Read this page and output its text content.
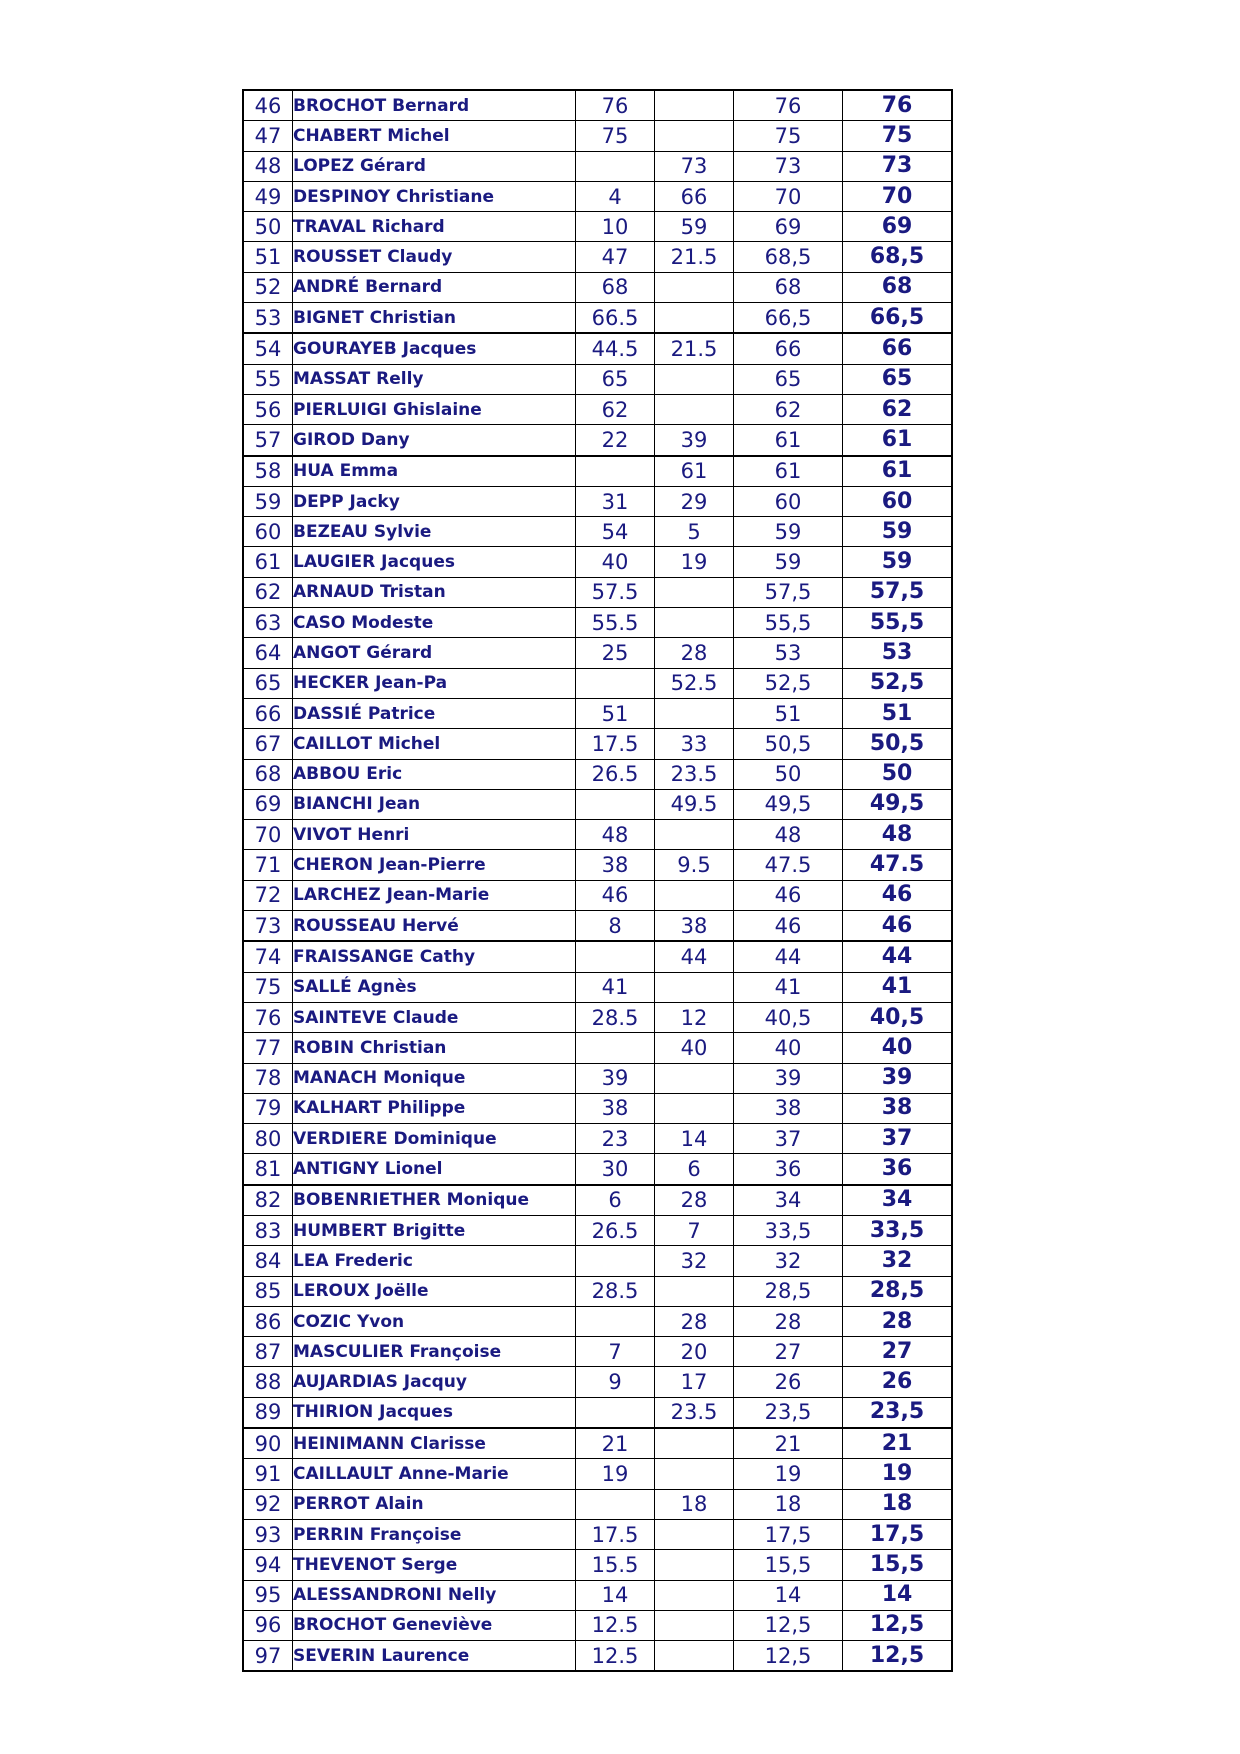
46	BROCHOT Bernard	76		76	76
47	CHABERT Michel	75		75	75
48	LOPEZ Gérard		73	73	73
49	DESPINOY Christiane	4	66	70	70
50	TRAVAL Richard	10	59	69	69
51	ROUSSET Claudy	47	21.5	68,5	68,5
52	ANDRÉ Bernard	68		68	68
53	BIGNET Christian	66.5		66,5	66,5
54	GOURAYEB Jacques	44.5	21.5	66	66
55	MASSAT Relly	65		65	65
56	PIERLUIGI Ghislaine	62		62	62
57	GIROD Dany	22	39	61	61
58	HUA Emma		61	61	61
59	DEPP Jacky	31	29	60	60
60	BEZEAU Sylvie	54	5	59	59
61	LAUGIER Jacques	40	19	59	59
62	ARNAUD Tristan	57.5		57,5	57,5
63	CASO Modeste	55.5		55,5	55,5
64	ANGOT Gérard	25	28	53	53
65	HECKER Jean-Pa		52.5	52,5	52,5
66	DASSIÉ Patrice	51		51	51
67	CAILLOT Michel	17.5	33	50,5	50,5
68	ABBOU Eric	26.5	23.5	50	50
69	BIANCHI Jean		49.5	49,5	49,5
70	VIVOT Henri	48		48	48
71	CHERON Jean-Pierre	38	9.5	47.5	47.5
72	LARCHEZ Jean-Marie	46		46	46
73	ROUSSEAU Hervé	8	38	46	46
74	FRAISSANGE Cathy		44	44	44
75	SALLÉ Agnès	41		41	41
76	SAINTEVE Claude	28.5	12	40,5	40,5
77	ROBIN Christian		40	40	40
78	MANACH Monique	39		39	39
79	KALHART Philippe	38		38	38
80	VERDIERE Dominique	23	14	37	37
81	ANTIGNY Lionel	30	6	36	36
82	BOBENRIETHER Monique	6	28	34	34
83	HUMBERT Brigitte	26.5	7	33,5	33,5
84	LEA Frederic		32	32	32
85	LEROUX Joëlle	28.5		28,5	28,5
86	COZIC Yvon		28	28	28
87	MASCULIER Françoise	7	20	27	27
88	AUJARDIAS Jacquy	9	17	26	26
89	THIRION Jacques		23.5	23,5	23,5
90	HEINIMANN Clarisse	21		21	21
91	CAILLAULT Anne-Marie	19		19	19
92	PERROT Alain		18	18	18
93	PERRIN Françoise	17.5		17,5	17,5
94	THEVENOT Serge	15.5		15,5	15,5
95	ALESSANDRONI Nelly	14		14	14
96	BROCHOT Geneviève	12.5		12,5	12,5
97	SEVERIN Laurence	12.5		12,5	12,5
